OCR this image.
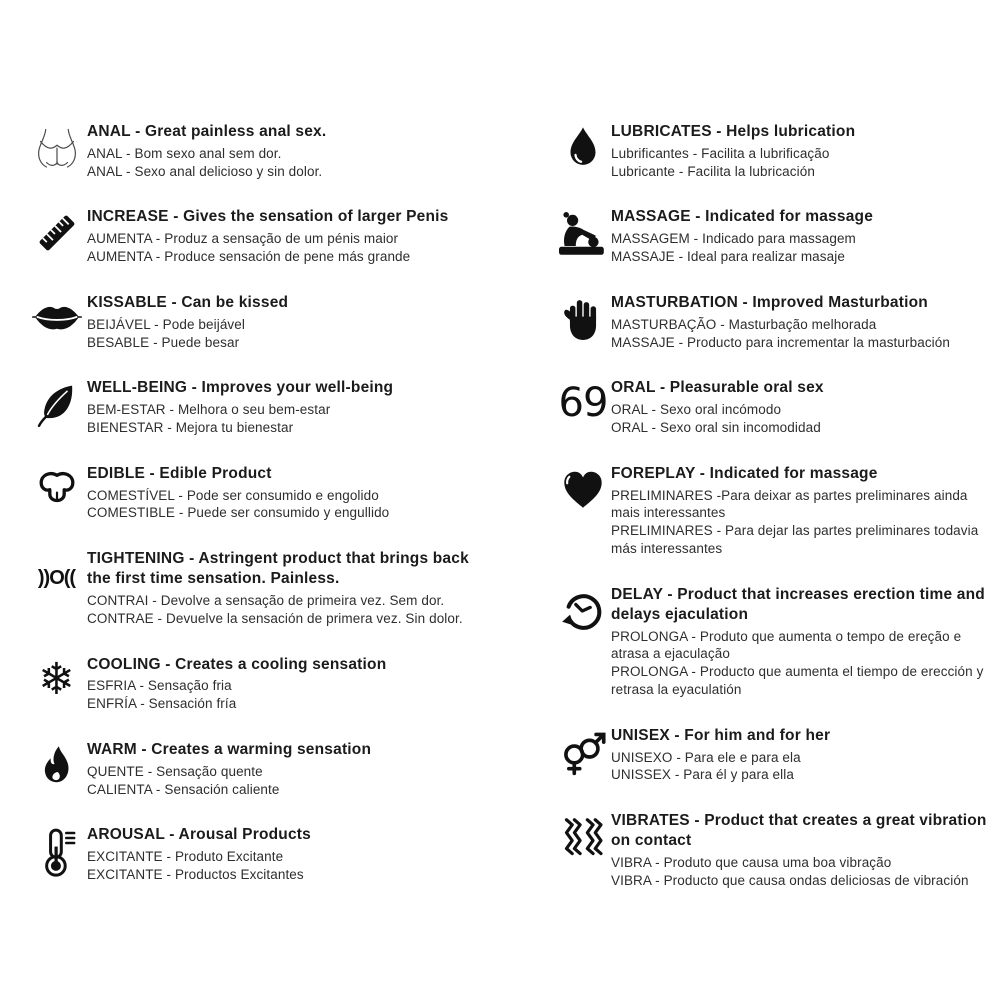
ANAL - Great painless anal sex.
ANAL - Bom sexo anal sem dor.
ANAL - Sexo anal delicioso y sin dolor.
INCREASE - Gives the sensation of larger Penis
AUMENTA - Produz a sensação de um pénis maior
AUMENTA - Produce sensación de pene más grande
KISSABLE - Can be kissed
BEIJÁVEL - Pode beijável
BESABLE - Puede besar
WELL-BEING - Improves your well-being
BEM-ESTAR - Melhora o seu bem-estar
BIENESTAR - Mejora tu bienestar
EDIBLE - Edible Product
COMESTÍVEL - Pode ser consumido e engolido
COMESTIBLE - Puede ser consumido y engullido
))O((
TIGHTENING - Astringent product that brings back the first time sensation. Painless.
CONTRAI - Devolve a sensação de primeira vez. Sem dor.
CONTRAE - Devuelve la sensación de primera vez. Sin dolor.
❄ COOLING - Creates a cooling sensation
ESFRIA - Sensação fria
ENFRÍA - Sensación fría
WARM - Creates a warming sensation
QUENTE - Sensação quente
CALIENTA - Sensación caliente
AROUSAL - Arousal Products
EXCITANTE - Produto Excitante
EXCITANTE - Productos Excitantes
LUBRICATES - Helps lubrication
Lubrificantes - Facilita a lubrificação
Lubricante - Facilita la lubricación
MASSAGE - Indicated for massage
MASSAGEM - Indicado para massagem
MASSAJE - Ideal para realizar masaje
MASTURBATION - Improved Masturbation
MASTURBAÇÃO - Masturbação melhorada
MASSAJE - Producto para incrementar la masturbación
69 ORAL - Pleasurable oral sex
ORAL - Sexo oral incómodo
ORAL - Sexo oral sin incomodidad
FOREPLAY - Indicated for massage
PRELIMINARES -Para deixar as partes preliminares ainda mais interessantes
PRELIMINARES - Para dejar las partes preliminares todavia más interessantes
DELAY - Product that increases erection time and delays ejaculation
PROLONGA - Produto que aumenta o tempo de ereção e atrasa a ejaculação
PROLONGA - Producto que aumenta el tiempo de erección y retrasa la eyaculatión
UNISEX - For him and for her
UNISEXO - Para ele e para ela
UNISSEX - Para él y para ella
VIBRATES - Product that creates a great vibration on contact
VIBRA - Produto que causa uma boa vibração
VIBRA - Producto que causa ondas deliciosas de vibración
